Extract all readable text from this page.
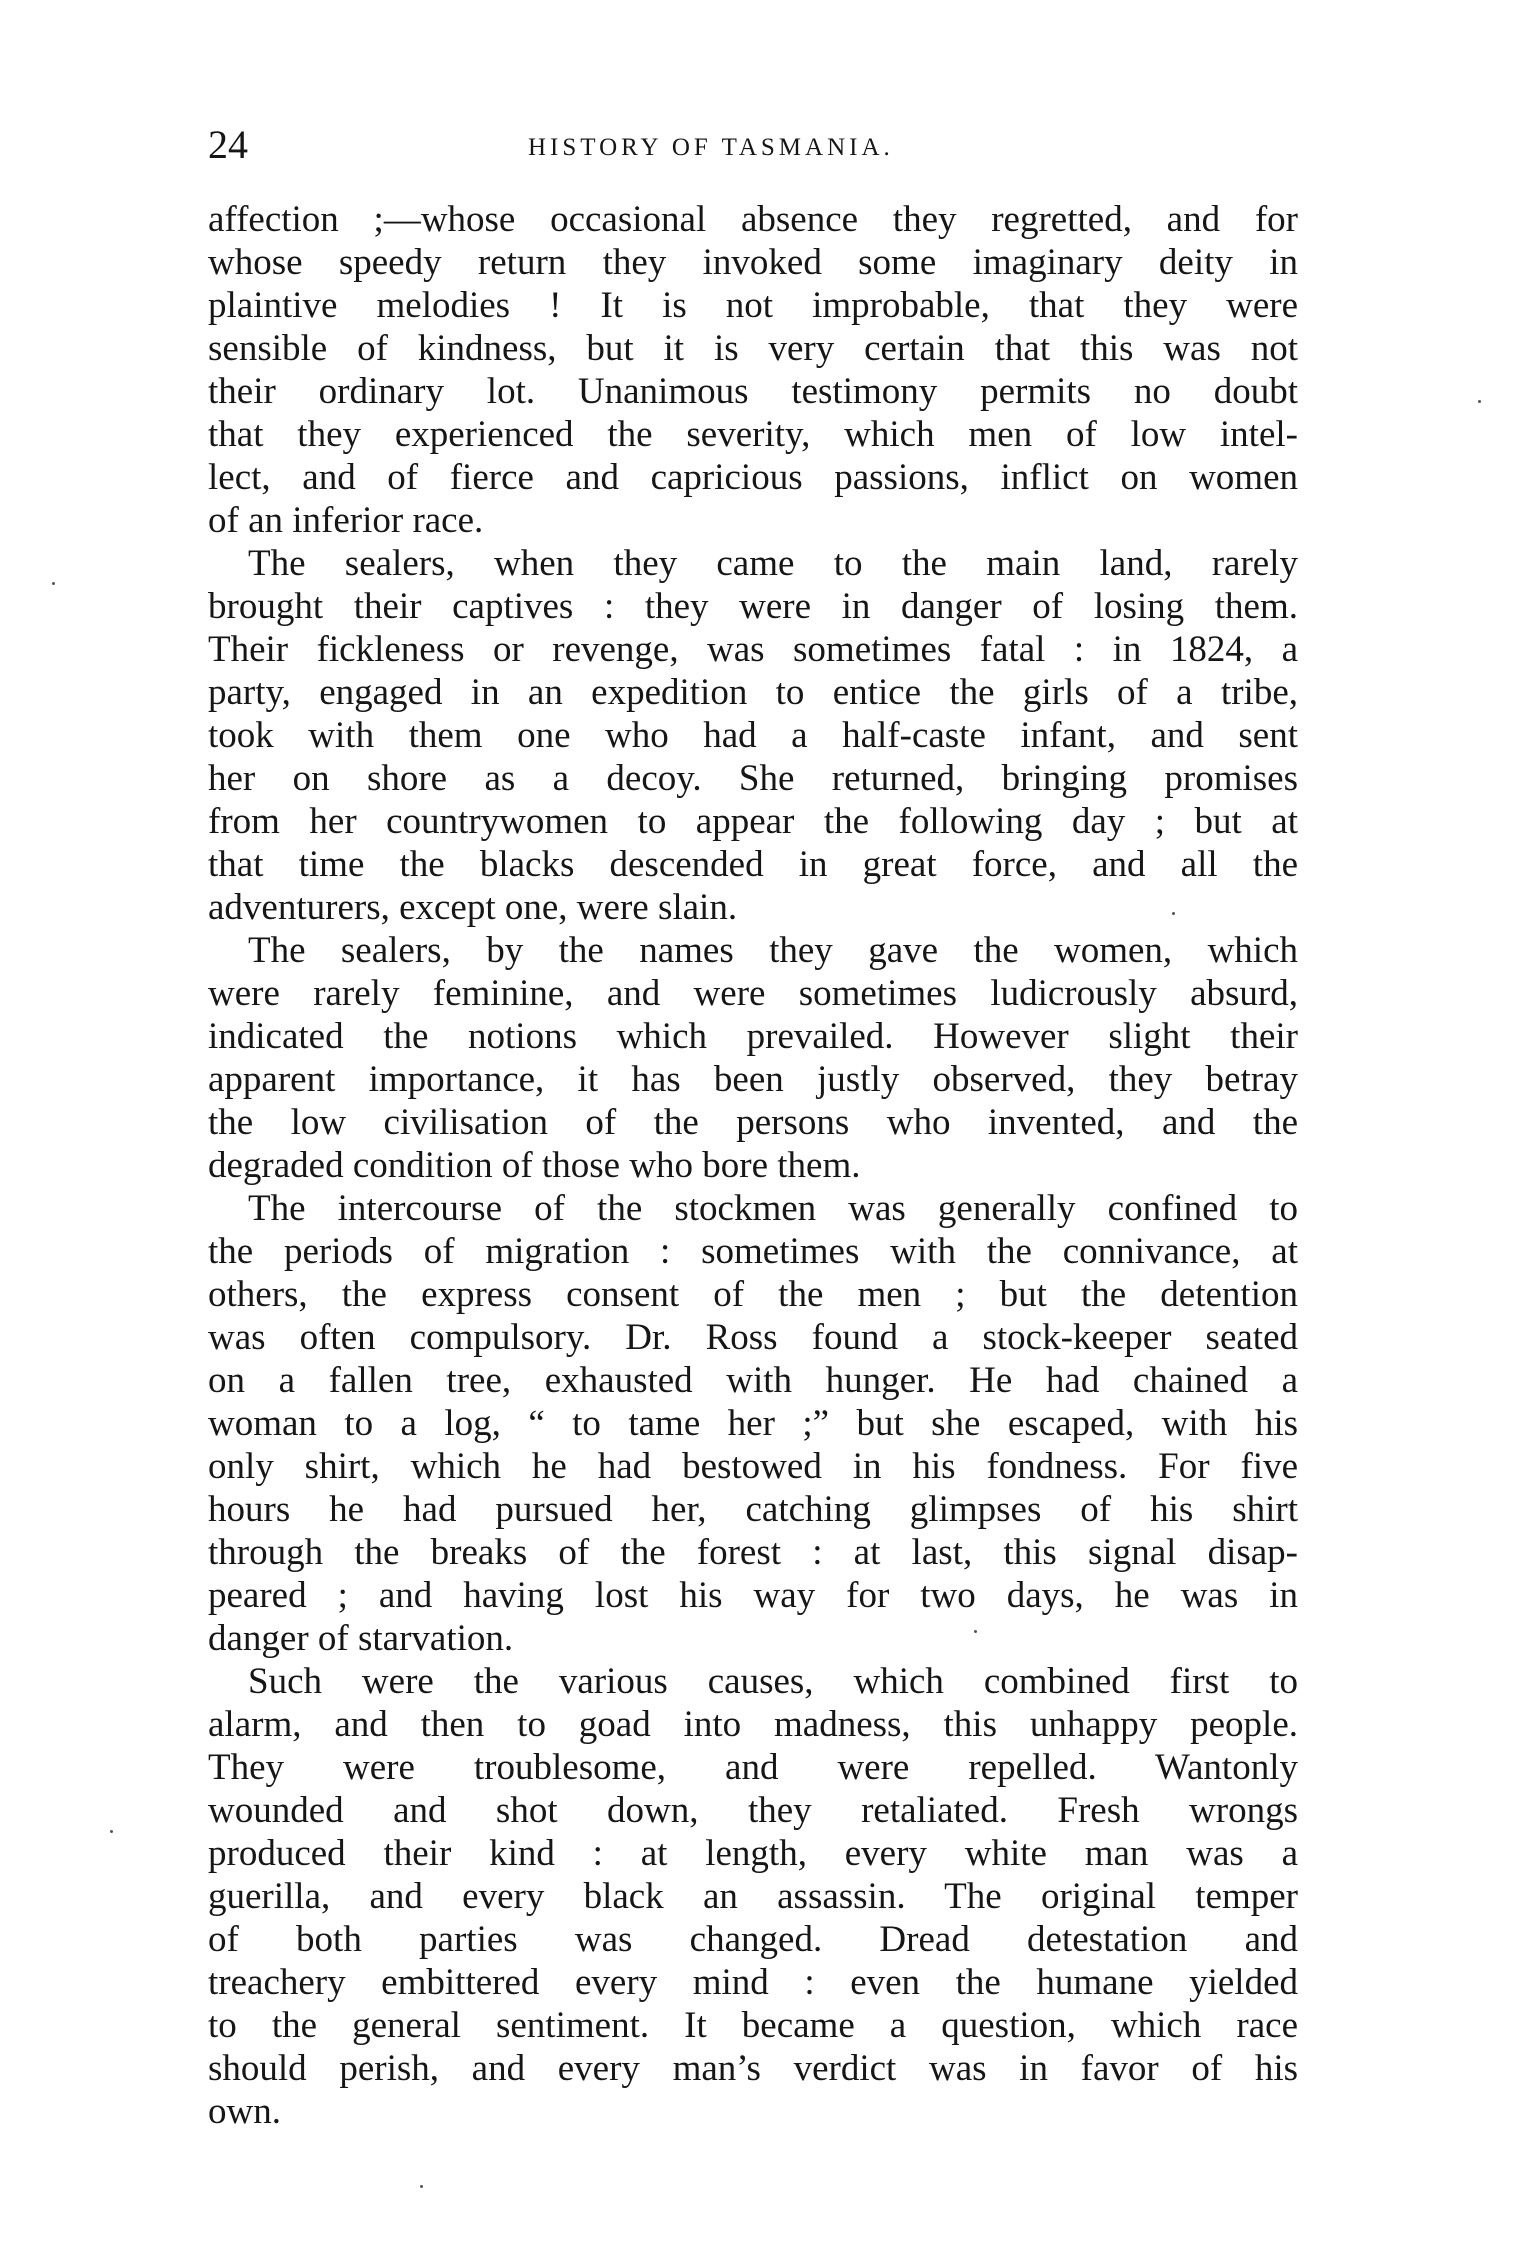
24	HISTORY OF TASMANIA.
affection ;—whose occasional absence they regretted, and for
whose speedy return they invoked some imaginary deity in
plaintive melodies ! It is not improbable, that they were
sensible of kindness, but it is very certain that this was not
their ordinary lot. Unanimous testimony permits no doubt
that they experienced the severity, which men of low intel-
lect, and of fierce and capricious passions, inflict on women
of an inferior race.
The sealers, when they came to the main land, rarely
brought their captives : they were in danger of losing them.
Their fickleness or revenge, was sometimes fatal : in 1824, a
party, engaged in an expedition to entice the girls of a tribe,
took with them one who had a half-caste infant, and sent
her on shore as a decoy. She returned, bringing promises
from her countrywomen to appear the following day ; but at
that time the blacks descended in great force, and all the
adventurers, except one, were slain.
The sealers, by the names they gave the women, which
were rarely feminine, and were sometimes ludicrously absurd,
indicated the notions which prevailed. However slight their
apparent importance, it has been justly observed, they betray
the low civilisation of the persons who invented, and the
degraded condition of those who bore them.
The intercourse of the stockmen was generally confined to
the periods of migration : sometimes with the connivance, at
others, the express consent of the men ; but the detention
was often compulsory. Dr. Ross found a stock-keeper seated
on a fallen tree, exhausted with hunger. He had chained a
woman to a log, “ to tame her ;” but she escaped, with his
only shirt, which he had bestowed in his fondness. For five
hours he had pursued her, catching glimpses of his shirt
through the breaks of the forest : at last, this signal disap-
peared ; and having lost his way for two days, he was in
danger of starvation.
Such were the various causes, which combined first to
alarm, and then to goad into madness, this unhappy people.
They were troublesome, and were repelled. Wantonly
wounded and shot down, they retaliated. Fresh wrongs
produced their kind : at length, every white man was a
guerilla, and every black an assassin. The original temper
of both parties was changed. Dread detestation and
treachery embittered every mind : even the humane yielded
to the general sentiment. It became a question, which race
should perish, and every man’s verdict was in favor of his
own.
